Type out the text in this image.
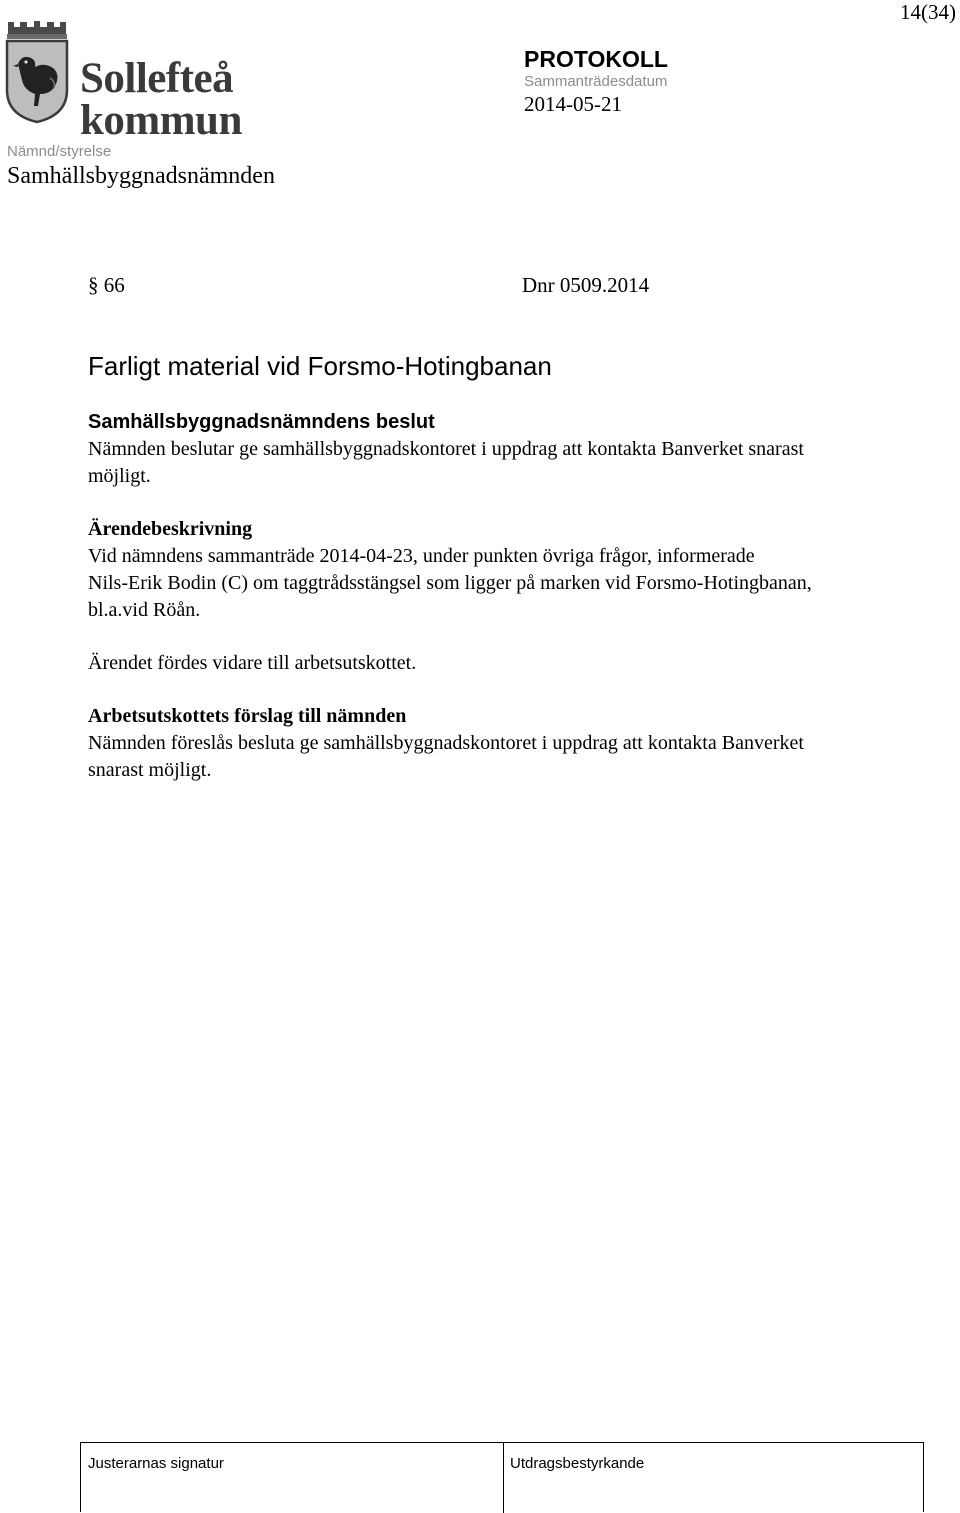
14(34)
Sollefteå
kommun
PROTOKOLL
Sammanträdesdatum
2014-05-21
Nämnd/styrelse
Samhällsbyggnadsnämnden
§ 66	Dnr 0509.2014
Farligt material vid Forsmo-Hotingbanan
Samhällsbyggnadsnämndens beslut
Nämnden beslutar ge samhällsbyggnadskontoret i uppdrag att kontakta Banverket snarast
möjligt.
Ärendebeskrivning
Vid nämndens sammanträde 2014-04-23, under punkten övriga frågor, informerade
Nils-Erik Bodin (C) om taggtrådsstängsel som ligger på marken vid Forsmo-Hotingbanan,
bl.a.vid Röån.
Ärendet fördes vidare till arbetsutskottet.
Arbetsutskottets förslag till nämnden
Nämnden föreslås besluta ge samhällsbyggnadskontoret i uppdrag att kontakta Banverket
snarast möjligt.
Justerarnas signatur	Utdragsbestyrkande
